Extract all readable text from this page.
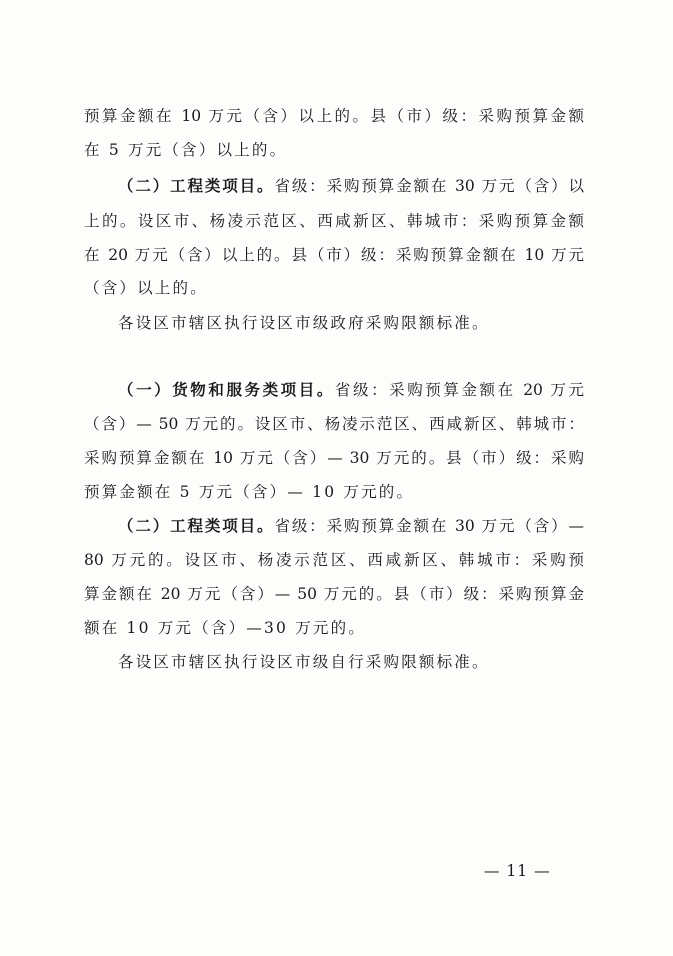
预算金额在 10 万元（含）以上的。县（市）级：采购预算金额
在 5 万元（含）以上的。
（二）工程类项目。省级：采购预算金额在 30 万元（含）以
上的。设区市、杨凌示范区、西咸新区、韩城市：采购预算金额
在 20 万元（含）以上的。县（市）级：采购预算金额在 10 万元
（含）以上的。
各设区市辖区执行设区市级政府采购限额标准。
（一）货物和服务类项目。省级：采购预算金额在 20 万元
（含）— 50 万元的。设区市、杨凌示范区、西咸新区、韩城市：
采购预算金额在 10 万元（含）— 30 万元的。县（市）级：采购
预算金额在 5 万元（含）— 10 万元的。
（二）工程类项目。省级：采购预算金额在 30 万元（含）—
80 万元的。设区市、杨凌示范区、西咸新区、韩城市：采购预
算金额在 20 万元（含）— 50 万元的。县（市）级：采购预算金
额在 10 万元（含）—30 万元的。
各设区市辖区执行设区市级自行采购限额标准。
— 11 —
